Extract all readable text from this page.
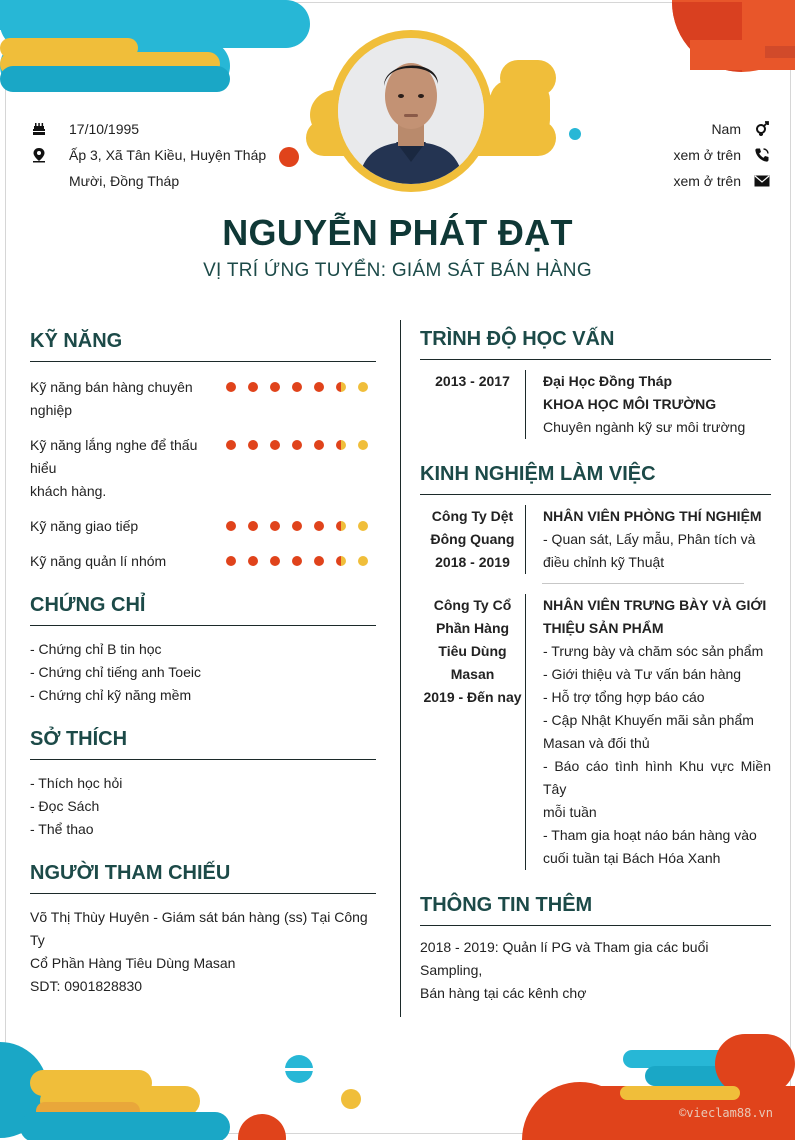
17/10/1995
Ấp 3, Xã Tân Kiều, Huyện Tháp
Mười, Đồng Tháp
Nam
xem ở trên
xem ở trên
NGUYỄN PHÁT ĐẠT
VỊ TRÍ ỨNG TUYỂN: GIÁM SÁT BÁN HÀNG
KỸ NĂNG
Kỹ năng bán hàng chuyên
nghiệp
Kỹ năng lắng nghe để thấu hiểu
khách hàng.
Kỹ năng giao tiếp
Kỹ năng quản lí nhóm
CHỨNG CHỈ
- Chứng chỉ B tin học
- Chứng chỉ tiếng anh Toeic
- Chứng chỉ kỹ năng mềm
SỞ THÍCH
- Thích học hỏi
- Đọc Sách
- Thể thao
NGƯỜI THAM CHIẾU
Võ Thị Thùy Huyên - Giám sát bán hàng (ss) Tại Công Ty
Cổ Phần Hàng Tiêu Dùng Masan
SDT: 0901828830
TRÌNH ĐỘ HỌC VẤN
2013 - 2017	Đại Học Đồng Tháp
KHOA HỌC MÔI TRƯỜNG
Chuyên ngành kỹ sư môi trường
KINH NGHIỆM LÀM VIỆC
Công Ty Dệt
Đông Quang
2018 - 2019
NHÂN VIÊN PHÒNG THÍ NGHIỆM
- Quan sát, Lấy mẫu, Phân tích và
điều chỉnh kỹ Thuật
Công Ty Cổ
Phần Hàng
Tiêu Dùng
Masan
2019 - Đến nay
NHÂN VIÊN TRƯNG BÀY VÀ GIỚI
THIỆU SẢN PHẨM
- Trưng bày và chăm sóc sản phẩm
- Giới thiệu và Tư vấn bán hàng
- Hỗ trợ tổng hợp báo cáo
- Cập Nhật Khuyến mãi sản phẩm
Masan và đối thủ
- Báo cáo tình hình Khu vực Miền Tây
mỗi tuần
- Tham gia hoạt náo bán hàng vào
cuối tuần tại Bách Hóa Xanh
THÔNG TIN THÊM
2018 - 2019: Quản lí PG và Tham gia các buổi Sampling,
Bán hàng tại các kênh chợ
©vieclam88.vn
